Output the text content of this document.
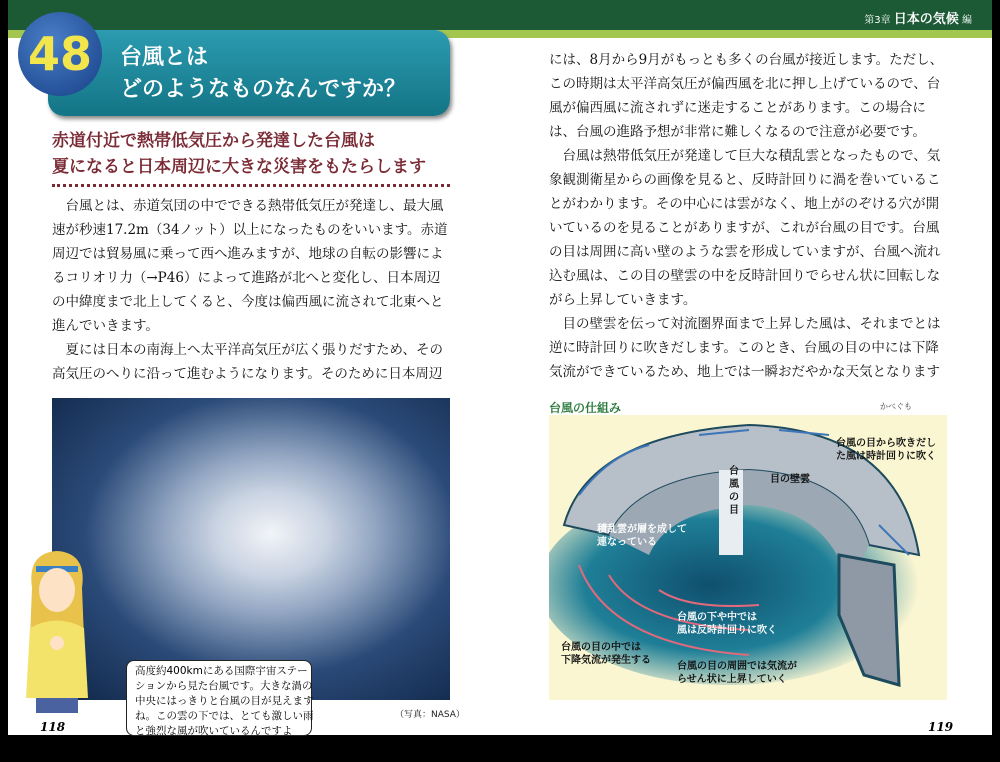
第3章 日本の気候 編
48	台風とは
どのようなものなんですか？
赤道付近で熱帯低気圧から発達した台風は
夏になると日本周辺に大きな災害をもたらします

台風とは、赤道気団の中でできる熱帯低気圧が発達し、最大風速が秒速17.2m（34ノット）以上になったものをいいます。赤道周辺では貿易風に乗って西へ進みますが、地球の自転の影響によるコリオリ力（→P46）によって進路が北へと変化し、日本周辺の中緯度まで北上してくると、今度は偏西風に流されて北東へと進んでいきます。

夏には日本の南海上へ太平洋高気圧が広く張りだすため、その高気圧のへりに沿って進むようになります。そのために日本周辺

（写真：NASA）
高度約400kmにある国際宇宙ステー
ションから見た台風です。大きな渦の
中央にはっきりと台風の目が見えます
ね。この雲の下では、とても激しい雨
と強烈な風が吹いているんですよ
118

には、8月から9月がもっとも多くの台風が接近します。ただし、この時期は太平洋高気圧が偏西風を北に押し上げているので、台風が偏西風に流されずに迷走することがあります。この場合には、台風の進路予想が非常に難しくなるので注意が必要です。

台風は熱帯低気圧が発達して巨大な積乱雲となったもので、気象観測衛星からの画像を見ると、反時計回りに渦を巻いていることがわかります。その中心には雲がなく、地上がのぞける穴が開いているのを見ることがありますが、これが台風の目です。台風の目は周囲に高い壁のような雲を形成していますが、台風へ流れ込む風は、この目の壁雲の中を反時計回りでらせん状に回転しながら上昇していきます。

目の壁雲を伝って対流圏界面まで上昇した風は、それまでとは逆に時計回りに吹きだします。このとき、台風の目の中には下降気流ができているため、地上では一瞬おだやかな天気となります

台風の仕組み	かべぐも
台風の目から吹きだし
た風は時計回りに吹く
台
風
の
目
目の壁雲
積乱雲が層を成して
連なっている
台風の下や中では
風は反時計回りに吹く
台風の目の中では
下降気流が発生する
台風の目の周囲では気流が
らせん状に上昇していく
119
